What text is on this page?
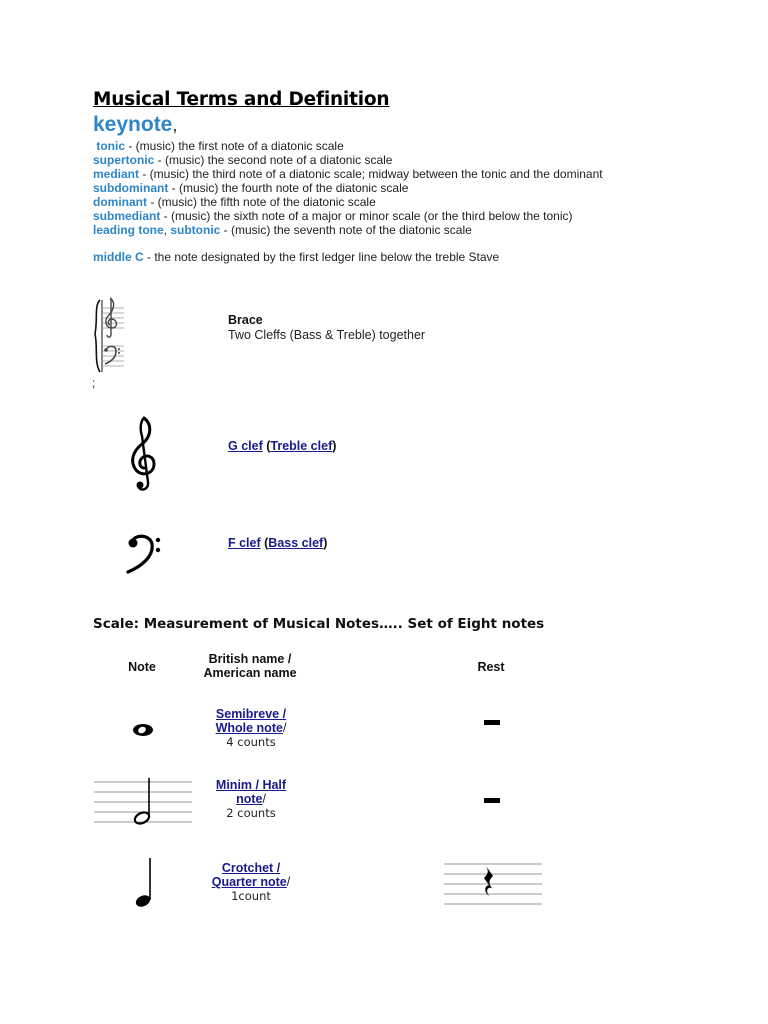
Musical Terms and Definition
keynote,
tonic - (music) the first note of a diatonic scale
supertonic - (music) the second note of a diatonic scale
mediant - (music) the third note of a diatonic scale; midway between the tonic and the dominant
subdominant - (music) the fourth note of the diatonic scale
dominant - (music) the fifth note of the diatonic scale
submediant - (music) the sixth note of a major or minor scale (or the third below the tonic)
leading tone, subtonic - (music) the seventh note of the diatonic scale
middle C - the note designated by the first ledger line below the treble Stave
Brace
Two Cleffs (Bass & Treble) together
;
G clef (Treble clef)
F clef (Bass clef)
Scale: Measurement of Musical Notes….. Set of Eight notes
Note
British name /
American name	Rest
Semibreve /
Whole note/
4 counts
Minim / Half
note/
2 counts
Crotchet /
Quarter note/
1count
